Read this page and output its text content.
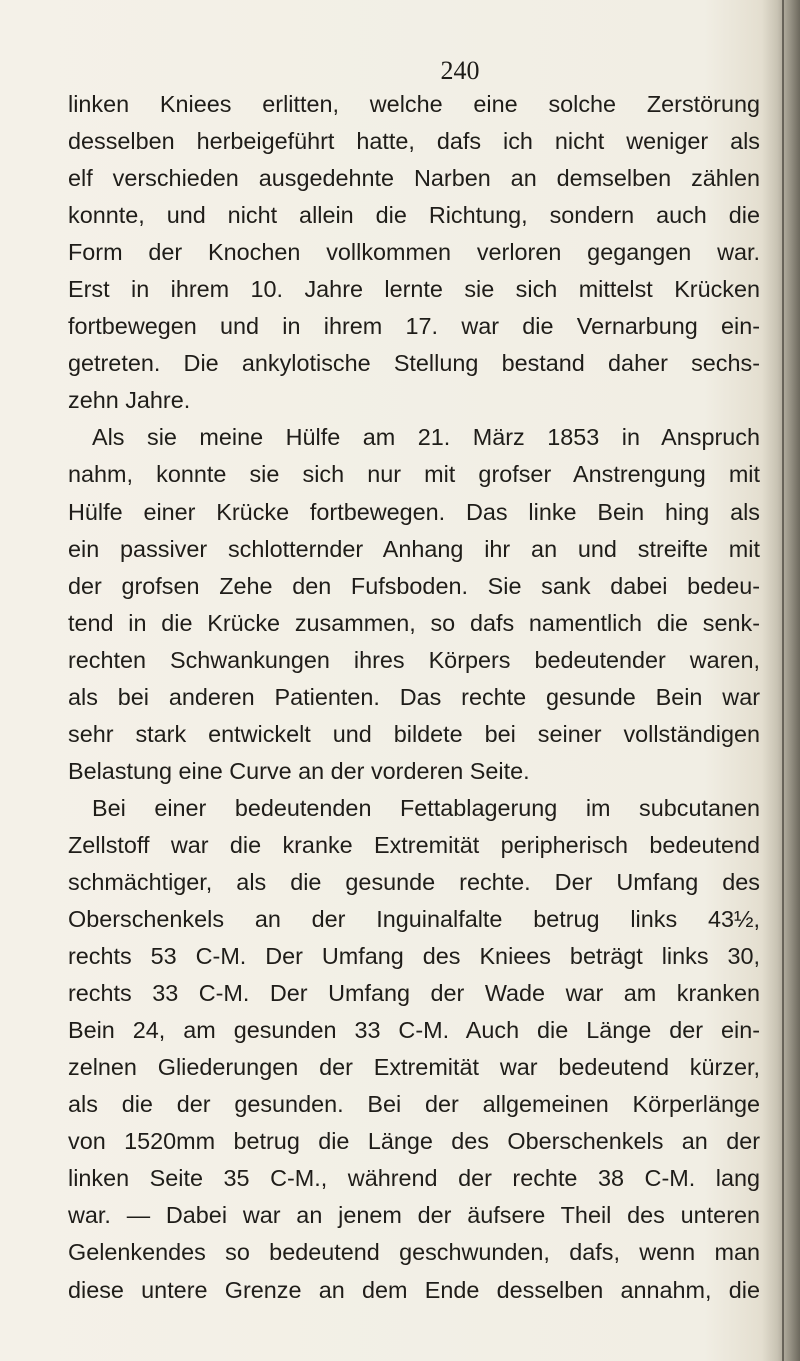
240
linken Kniees erlitten, welche eine solche Zerstörung
desselben herbeigeführt hatte, dafs ich nicht weniger als
elf verschieden ausgedehnte Narben an demselben zählen
konnte, und nicht allein die Richtung, sondern auch die
Form der Knochen vollkommen verloren gegangen war.
Erst in ihrem 10. Jahre lernte sie sich mittelst Krücken
fortbewegen und in ihrem 17. war die Vernarbung ein-
getreten. Die ankylotische Stellung bestand daher sechs-
zehn Jahre.
Als sie meine Hülfe am 21. März 1853 in Anspruch
nahm, konnte sie sich nur mit grofser Anstrengung mit
Hülfe einer Krücke fortbewegen. Das linke Bein hing als
ein passiver schlotternder Anhang ihr an und streifte mit
der grofsen Zehe den Fufsboden. Sie sank dabei bedeu-
tend in die Krücke zusammen, so dafs namentlich die senk-
rechten Schwankungen ihres Körpers bedeutender waren,
als bei anderen Patienten. Das rechte gesunde Bein war
sehr stark entwickelt und bildete bei seiner vollständigen
Belastung eine Curve an der vorderen Seite.
Bei einer bedeutenden Fettablagerung im subcutanen
Zellstoff war die kranke Extremität peripherisch bedeutend
schmächtiger, als die gesunde rechte. Der Umfang des
Oberschenkels an der Inguinalfalte betrug links 43½,
rechts 53 C-M. Der Umfang des Kniees beträgt links 30,
rechts 33 C-M. Der Umfang der Wade war am kranken
Bein 24, am gesunden 33 C-M. Auch die Länge der ein-
zelnen Gliederungen der Extremität war bedeutend kürzer,
als die der gesunden. Bei der allgemeinen Körperlänge
von 1520mm betrug die Länge des Oberschenkels an der
linken Seite 35 C-M., während der rechte 38 C-M. lang
war. — Dabei war an jenem der äufsere Theil des unteren
Gelenkendes so bedeutend geschwunden, dafs, wenn man
diese untere Grenze an dem Ende desselben annahm, die
